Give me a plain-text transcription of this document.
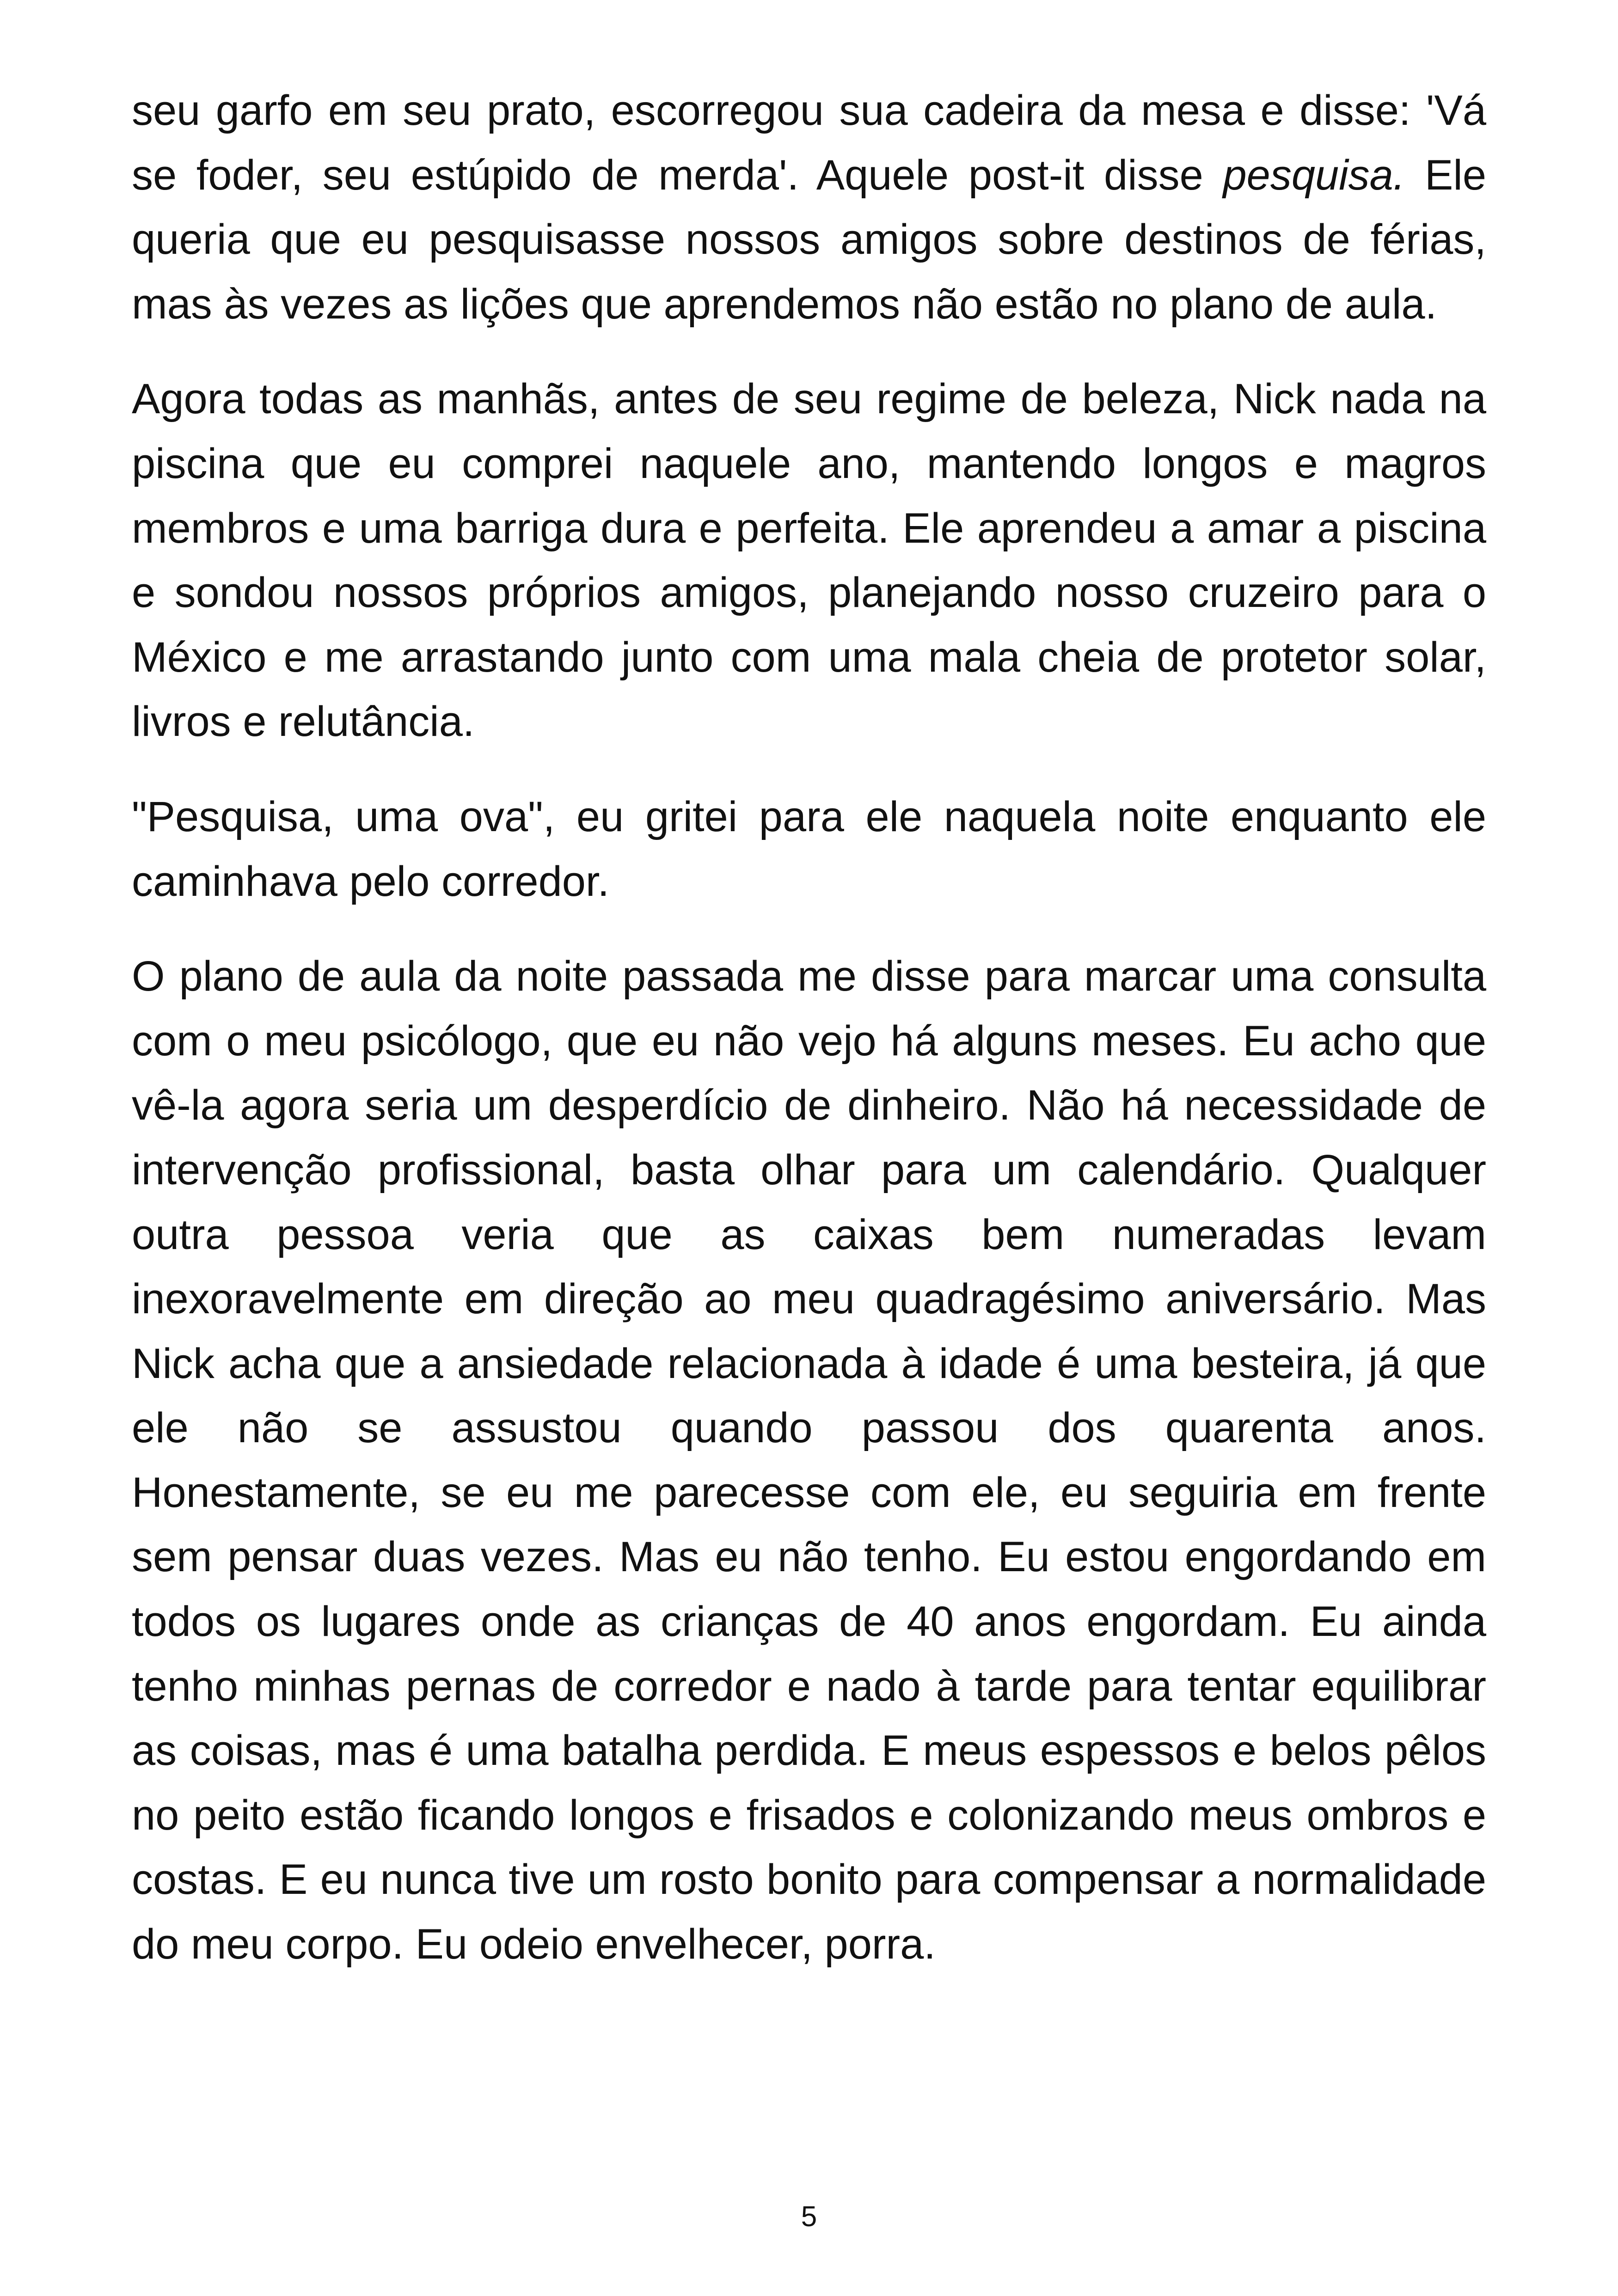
seu garfo em seu prato, escorregou sua cadeira da mesa e disse: 'Vá se foder, seu estúpido de merda'. Aquele post-it disse pesquisa. Ele queria que eu pesquisasse nossos amigos sobre destinos de férias, mas às vezes as lições que aprendemos não estão no plano de aula.

Agora todas as manhãs, antes de seu regime de beleza, Nick nada na piscina que eu comprei naquele ano, mantendo longos e magros membros e uma barriga dura e perfeita. Ele aprendeu a amar a piscina e sondou nossos próprios amigos, planejando nosso cruzeiro para o México e me arrastando junto com uma mala cheia de protetor solar, livros e relutância.

"Pesquisa, uma ova", eu gritei para ele naquela noite enquanto ele caminhava pelo corredor.

O plano de aula da noite passada me disse para marcar uma consulta com o meu psicólogo, que eu não vejo há alguns meses. Eu acho que vê-la agora seria um desperdício de dinheiro. Não há necessidade de intervenção profissional, basta olhar para um calendário. Qualquer outra pessoa veria que as caixas bem numeradas levam inexoravelmente em direção ao meu quadragésimo aniversário. Mas Nick acha que a ansiedade relacionada à idade é uma besteira, já que ele não se assustou quando passou dos quarenta anos. Honestamente, se eu me parecesse com ele, eu seguiria em frente sem pensar duas vezes. Mas eu não tenho. Eu estou engordando em todos os lugares onde as crianças de 40 anos engordam. Eu ainda tenho minhas pernas de corredor e nado à tarde para tentar equilibrar as coisas, mas é uma batalha perdida. E meus espessos e belos pêlos no peito estão ficando longos e frisados e colonizando meus ombros e costas. E eu nunca tive um rosto bonito para compensar a normalidade do meu corpo. Eu odeio envelhecer, porra.

5
